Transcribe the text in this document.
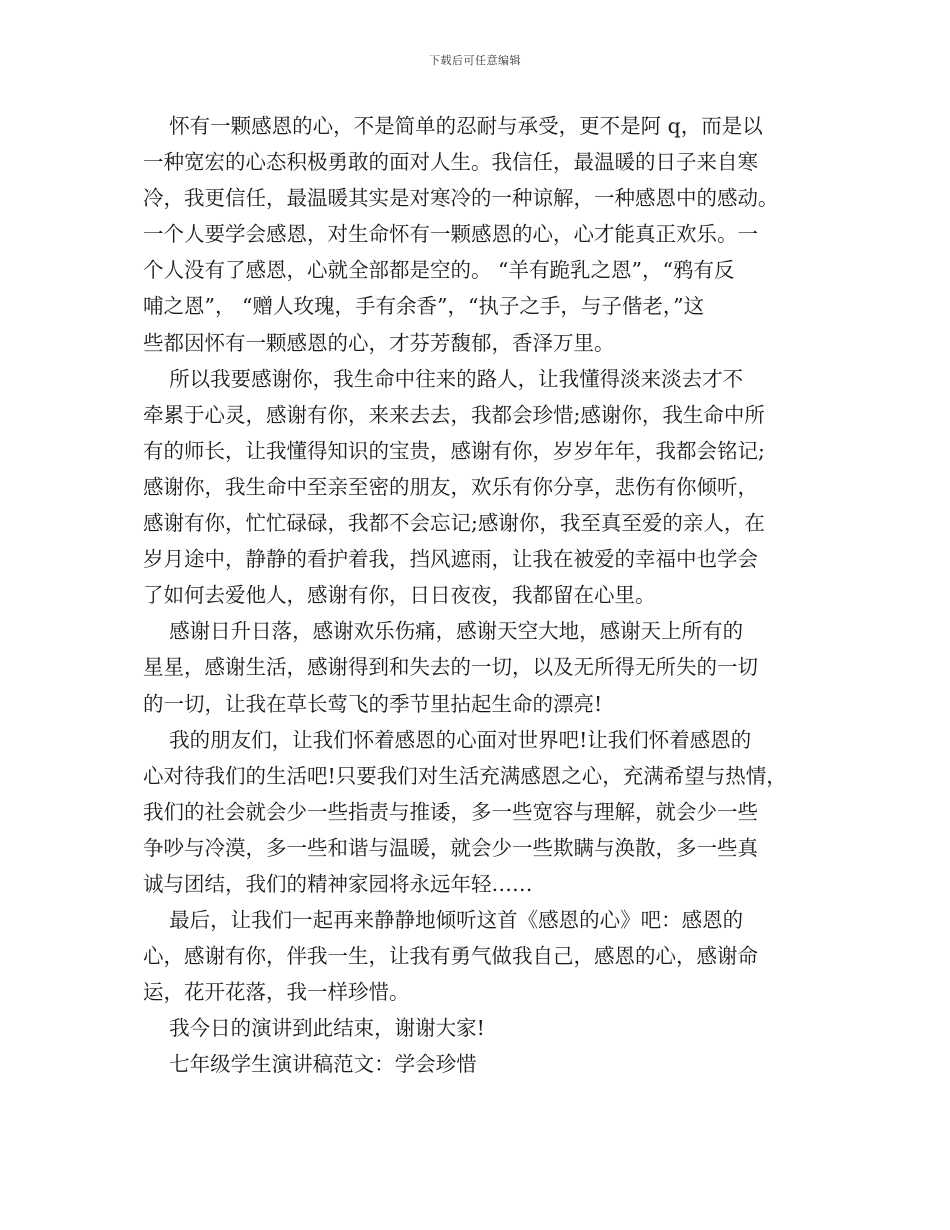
下载后可任意编辑
怀有一颗感恩的心，不是简单的忍耐与承受，更不是阿 q，而是以
一种宽宏的心态积极勇敢的面对人生。我信任，最温暖的日子来自寒
冷，我更信任，最温暖其实是对寒冷的一种谅解，一种感恩中的感动。
一个人要学会感恩，对生命怀有一颗感恩的心，心才能真正欢乐。一
个人没有了感恩，心就全部都是空的。 “羊有跪乳之恩”，“鸦有反
哺之恩”， “赠人玫瑰，手有余香”，“执子之手，与子偕老，”这
些都因怀有一颗感恩的心，才芬芳馥郁，香泽万里。
所以我要感谢你，我生命中往来的路人，让我懂得淡来淡去才不
牵累于心灵，感谢有你，来来去去，我都会珍惜;感谢你，我生命中所
有的师长，让我懂得知识的宝贵，感谢有你，岁岁年年，我都会铭记;
感谢你，我生命中至亲至密的朋友，欢乐有你分享，悲伤有你倾听，
感谢有你，忙忙碌碌，我都不会忘记;感谢你，我至真至爱的亲人，在
岁月途中，静静的看护着我，挡风遮雨，让我在被爱的幸福中也学会
了如何去爱他人，感谢有你，日日夜夜，我都留在心里。
感谢日升日落，感谢欢乐伤痛，感谢天空大地，感谢天上所有的
星星，感谢生活，感谢得到和失去的一切，以及无所得无所失的一切
的一切，让我在草长莺飞的季节里拈起生命的漂亮!
我的朋友们，让我们怀着感恩的心面对世界吧!让我们怀着感恩的
心对待我们的生活吧!只要我们对生活充满感恩之心，充满希望与热情，
我们的社会就会少一些指责与推诿，多一些宽容与理解，就会少一些
争吵与冷漠，多一些和谐与温暖，就会少一些欺瞒与涣散，多一些真
诚与团结，我们的精神家园将永远年轻……
最后，让我们一起再来静静地倾听这首《感恩的心》吧：感恩的
心，感谢有你，伴我一生，让我有勇气做我自己，感恩的心，感谢命
运，花开花落，我一样珍惜。
我今日的演讲到此结束，谢谢大家!
七年级学生演讲稿范文：学会珍惜
